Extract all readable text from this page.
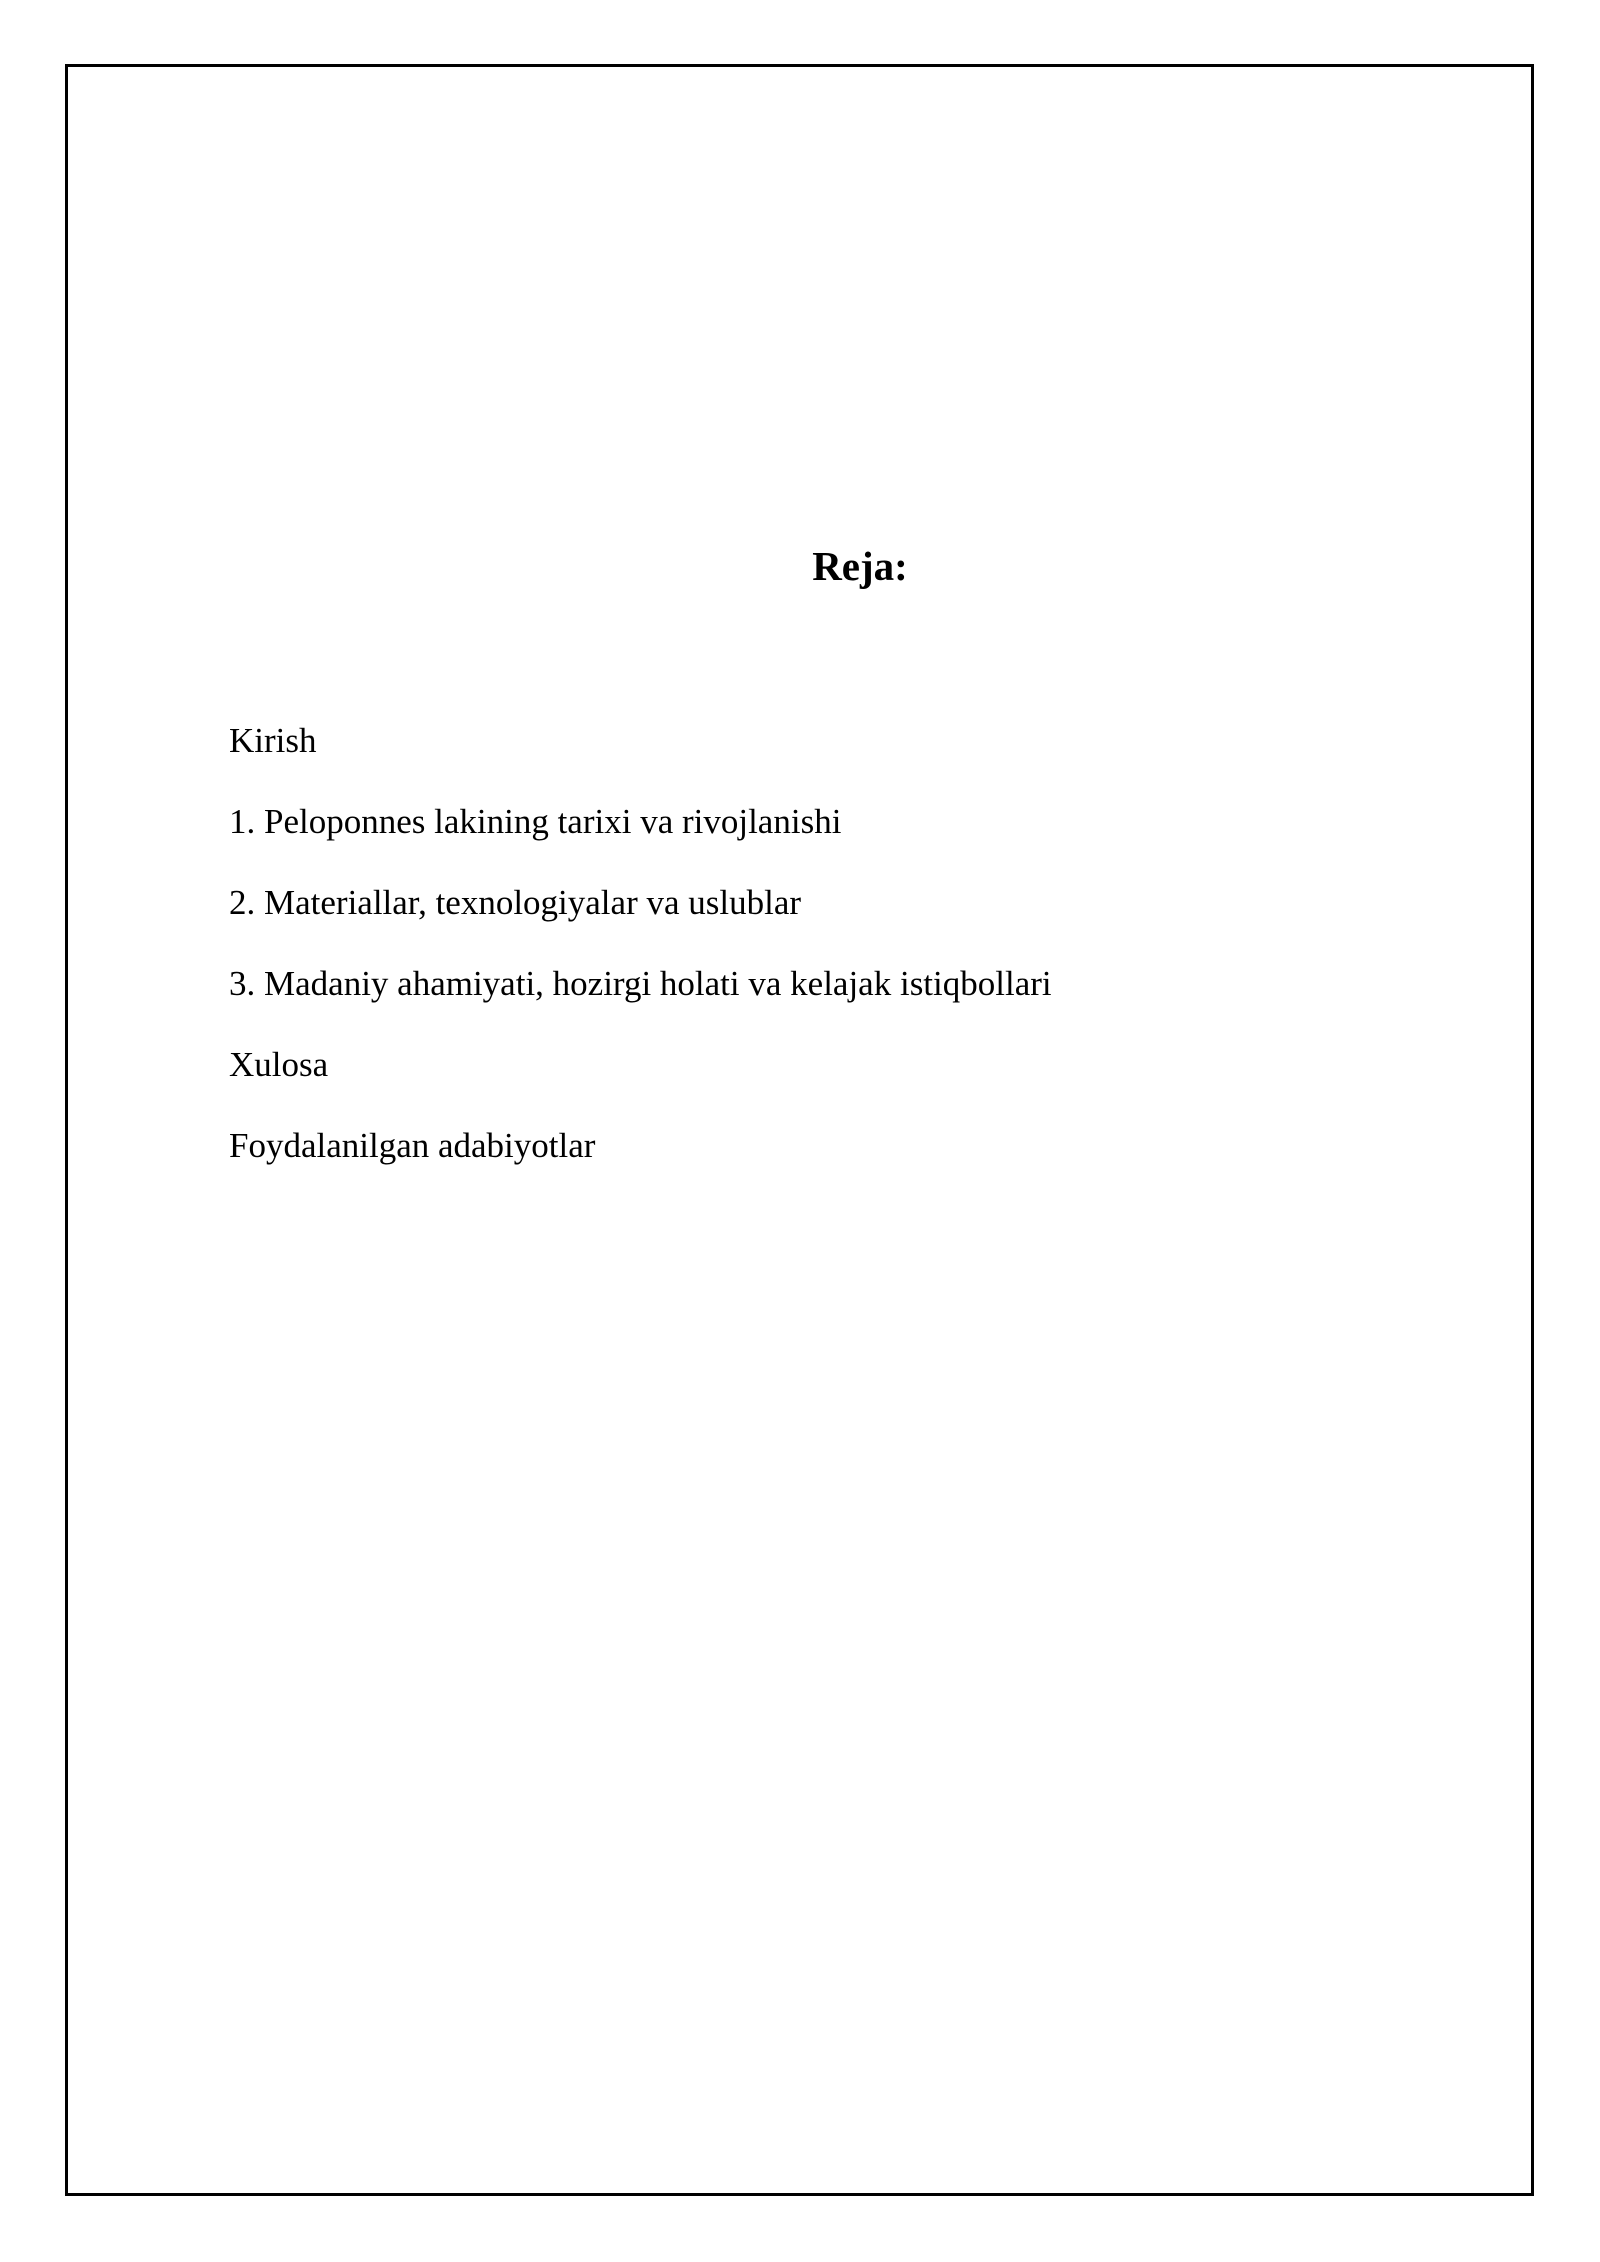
Reja:
Kirish
1. Peloponnes lakining tarixi va rivojlanishi
2. Materiallar, texnologiyalar va uslublar
3. Madaniy ahamiyati, hozirgi holati va kelajak istiqbollari
Xulosa
Foydalanilgan adabiyotlar
